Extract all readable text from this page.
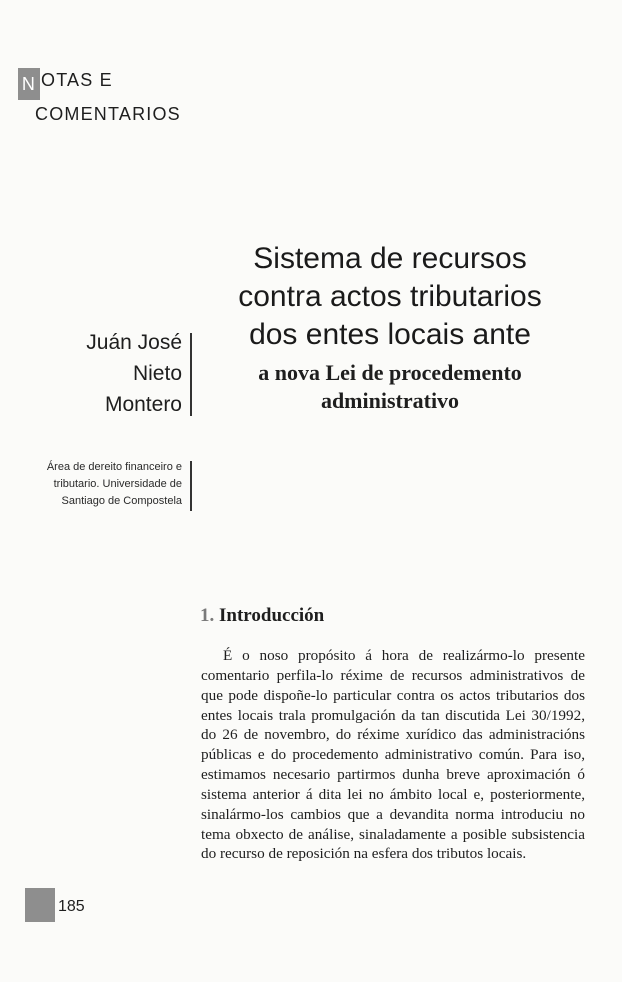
N OTAS E
COMENTARIOS
Juán José
Nieto
Montero
Área de dereito financeiro e
tributario. Universidade de
Santiago de Compostela
Sistema de recursos
contra actos tributarios
dos entes locais ante
a nova Lei de procedemento
administrativo
1. Introducción

É o noso propósito á hora de realizármo-lo presente comentario perfila-lo réxime de recursos administrativos de que pode dispoñe-lo particular contra os actos tributarios dos entes locais trala promulgación da tan discutida Lei 30/1992, do 26 de novembro, do réxime xurídico das administracións públicas e do procedemento administrativo común. Para iso, estimamos necesario partirmos dunha breve aproximación ó sistema anterior á dita lei no ámbito local e, posteriormente, sinalármo-los cambios que a devandita norma introduciu no tema obxecto de análise, sinaladamente a posible subsistencia do recurso de reposición na esfera dos tributos locais.

185
